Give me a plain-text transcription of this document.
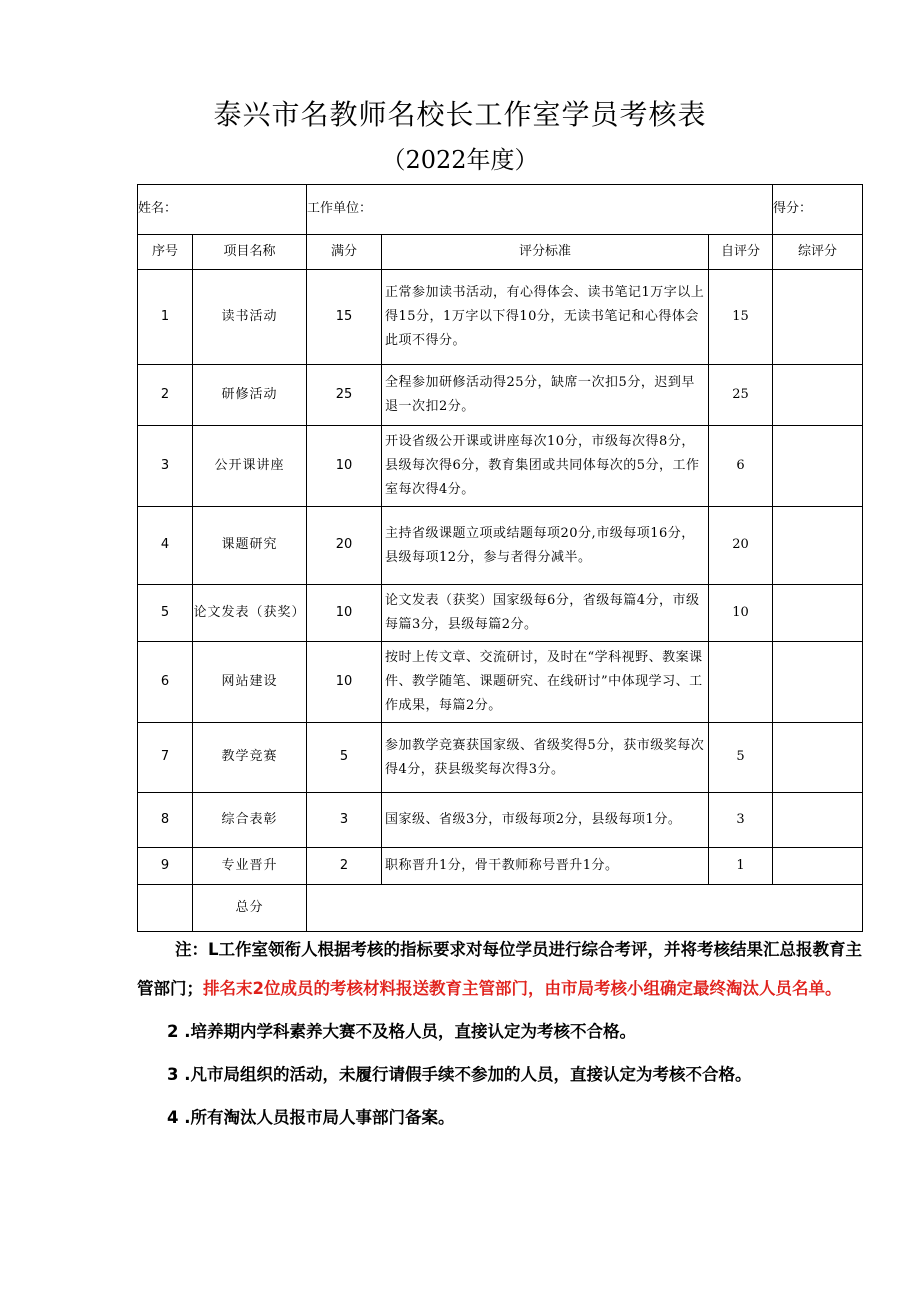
泰兴市名教师名校长工作室学员考核表
（2022年度）
姓名：		工作单位：			得分：
序号	项目名称	满分	评分标准	自评分	综评分
1	读书活动	15	正常参加读书活动，有心得体会、读书笔记1万字以上得15分，1万字以下得10分，无读书笔记和心得体会此项不得分。	15	
2	研修活动	25	全程参加研修活动得25分，缺席一次扣5分，迟到早退一次扣2分。	25	
3	公开课讲座	10	开设省级公开课或讲座每次10分，市级每次得8分，县级每次得6分，教育集团或共同体每次的5分，工作室每次得4分。	6	
4	课题研究	20	主持省级课题立项或结题每项20分,市级每项16分，县级每项12分，参与者得分减半。	20	
5	论文发表（获奖）	10	论文发表（获奖）国家级每6分，省级每篇4分，市级每篇3分，县级每篇2分。	10	
6	网站建设	10	按时上传文章、交流研讨，及时在“学科视野、教案课件、教学随笔、课题研究、在线研讨”中体现学习、工作成果，每篇2分。		
7	教学竞赛	5	参加教学竞赛获国家级、省级奖得5分，获市级奖每次得4分，获县级奖每次得3分。	5	
8	综合表彰	3	国家级、省级3分，市级每项2分，县级每项1分。	3	
9	专业晋升	2	职称晋升1分，骨干教师称号晋升1分。	1	
	总分				

注：L工作室领衔人根据考核的指标要求对每位学员进行综合考评，并将考核结果汇总报教育主管部门；排名末2位成员的考核材料报送教育主管部门，由市局考核小组确定最终淘汰人员名单。

2 .培养期内学科素养大赛不及格人员，直接认定为考核不合格。

3 .凡市局组织的活动，未履行请假手续不参加的人员，直接认定为考核不合格。

4 .所有淘汰人员报市局人事部门备案。
